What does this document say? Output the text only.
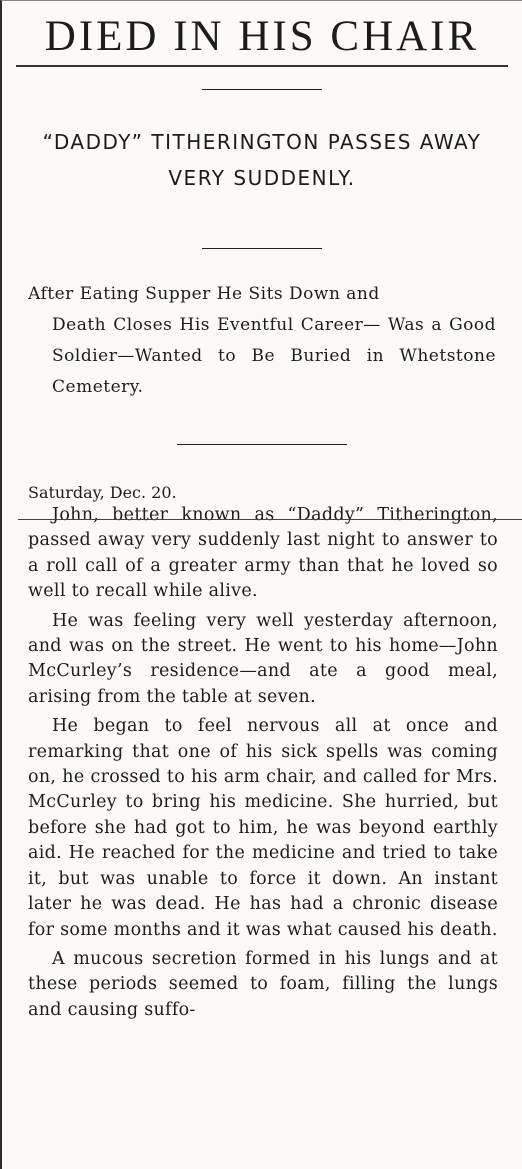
DIED IN HIS CHAIR
“DADDY” TITHERINGTON PASSES AWAY VERY SUDDENLY.
After Eating Supper He Sits Down and
Death Closes His Eventful Career— Was a Good Soldier—Wanted to Be Buried in Whetstone Cemetery.
Saturday, Dec. 20.

John, better known as “Daddy” Titherington, passed away very suddenly last night to answer to a roll call of a greater army than that he loved so well to recall while alive.

He was feeling very well yesterday afternoon, and was on the street. He went to his home—John McCurley’s residence—and ate a good meal, arising from the table at seven.

He began to feel nervous all at once and remarking that one of his sick spells was coming on, he crossed to his arm chair, and called for Mrs. McCurley to bring his medicine. She hurried, but before she had got to him, he was beyond earthly aid. He reached for the medicine and tried to take it, but was unable to force it down. An instant later he was dead. He has had a chronic disease for some months and it was what caused his death.

A mucous secretion formed in his lungs and at these periods seemed to foam, filling the lungs and causing suffo-
